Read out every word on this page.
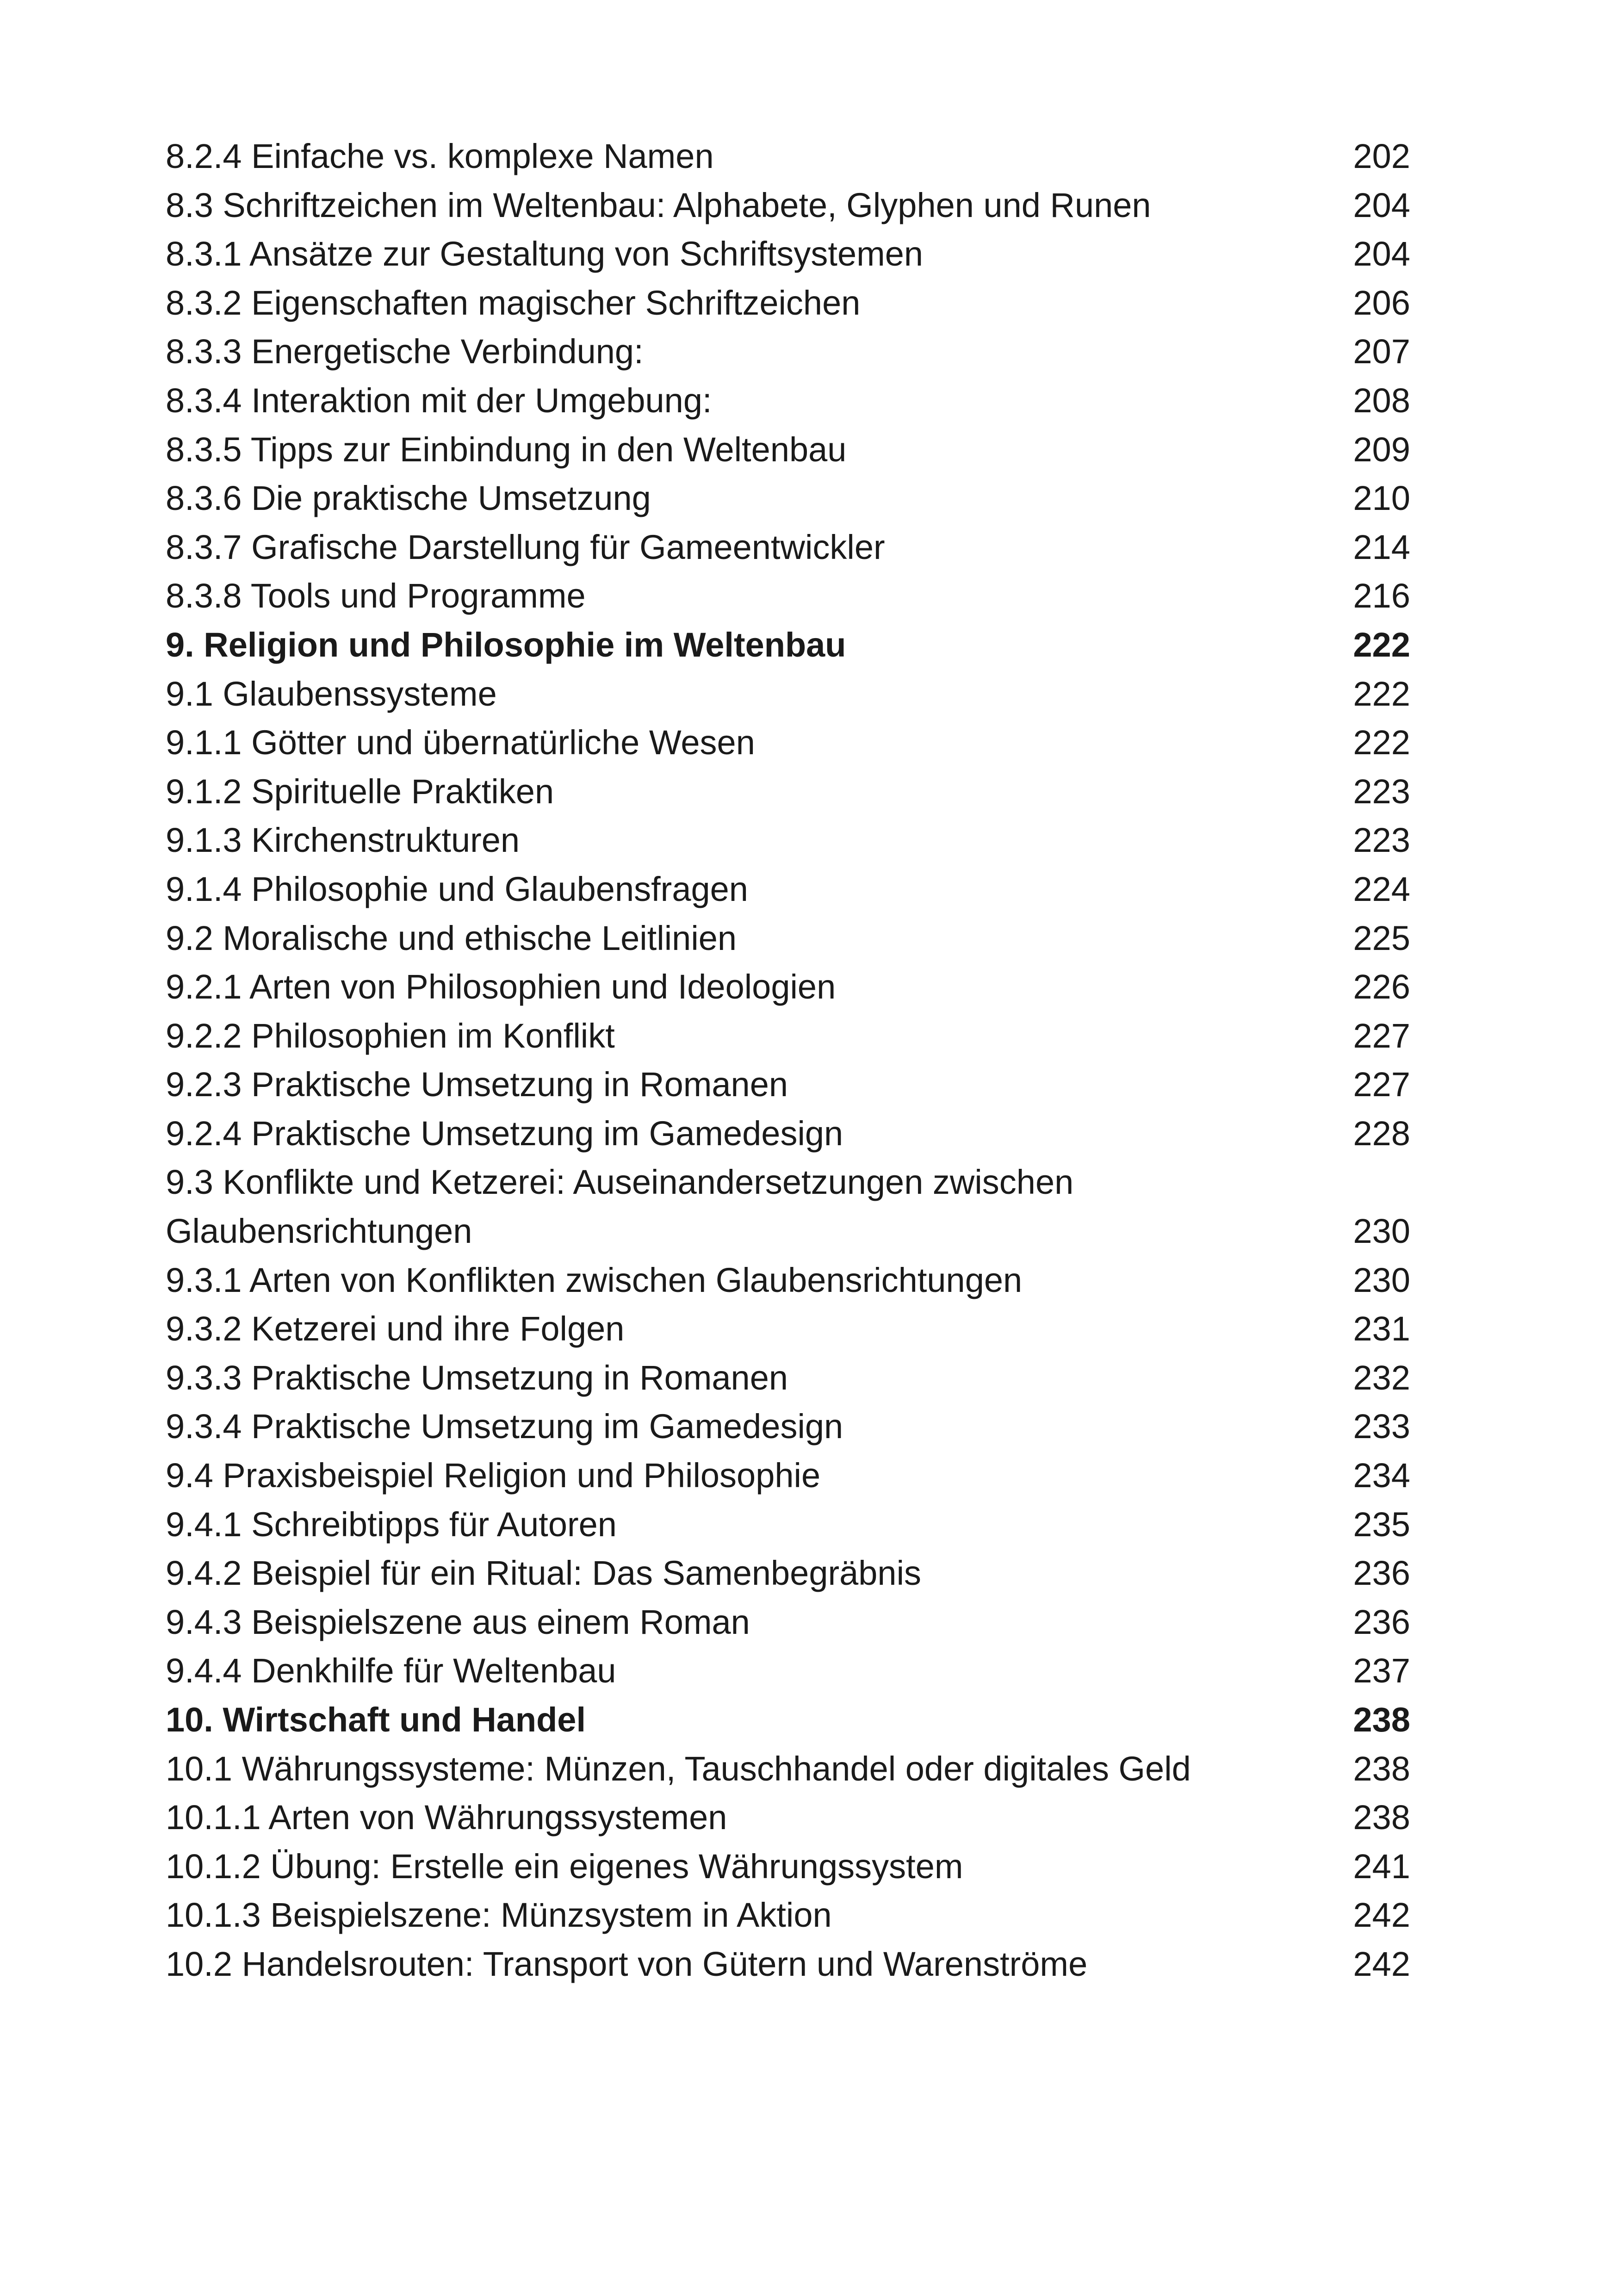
8.2.4 Einfache vs. komplexe Namen	202
8.3 Schriftzeichen im Weltenbau: Alphabete, Glyphen und Runen	204
8.3.1 Ansätze zur Gestaltung von Schriftsystemen	204
8.3.2 Eigenschaften magischer Schriftzeichen	206
8.3.3 Energetische Verbindung:	207
8.3.4 Interaktion mit der Umgebung:	208
8.3.5 Tipps zur Einbindung in den Weltenbau	209
8.3.6 Die praktische Umsetzung	210
8.3.7 Grafische Darstellung für Gameentwickler	214
8.3.8 Tools und Programme	216
9. Religion und Philosophie im Weltenbau	222
9.1 Glaubenssysteme	222
9.1.1 Götter und übernatürliche Wesen	222
9.1.2 Spirituelle Praktiken	223
9.1.3 Kirchenstrukturen	223
9.1.4 Philosophie und Glaubensfragen	224
9.2 Moralische und ethische Leitlinien	225
9.2.1 Arten von Philosophien und Ideologien	226
9.2.2 Philosophien im Konflikt	227
9.2.3 Praktische Umsetzung in Romanen	227
9.2.4 Praktische Umsetzung im Gamedesign	228
9.3 Konflikte und Ketzerei: Auseinandersetzungen zwischen
Glaubensrichtungen	230
9.3.1 Arten von Konflikten zwischen Glaubensrichtungen	230
9.3.2 Ketzerei und ihre Folgen	231
9.3.3 Praktische Umsetzung in Romanen	232
9.3.4 Praktische Umsetzung im Gamedesign	233
9.4 Praxisbeispiel Religion und Philosophie	234
9.4.1 Schreibtipps für Autoren	235
9.4.2 Beispiel für ein Ritual: Das Samenbegräbnis	236
9.4.3 Beispielszene aus einem Roman	236
9.4.4 Denkhilfe für Weltenbau	237
10. Wirtschaft und Handel	238
10.1 Währungssysteme: Münzen, Tauschhandel oder digitales Geld	238
10.1.1 Arten von Währungssystemen	238
10.1.2 Übung: Erstelle ein eigenes Währungssystem	241
10.1.3 Beispielszene: Münzsystem in Aktion	242
10.2 Handelsrouten: Transport von Gütern und Warenströme	242
